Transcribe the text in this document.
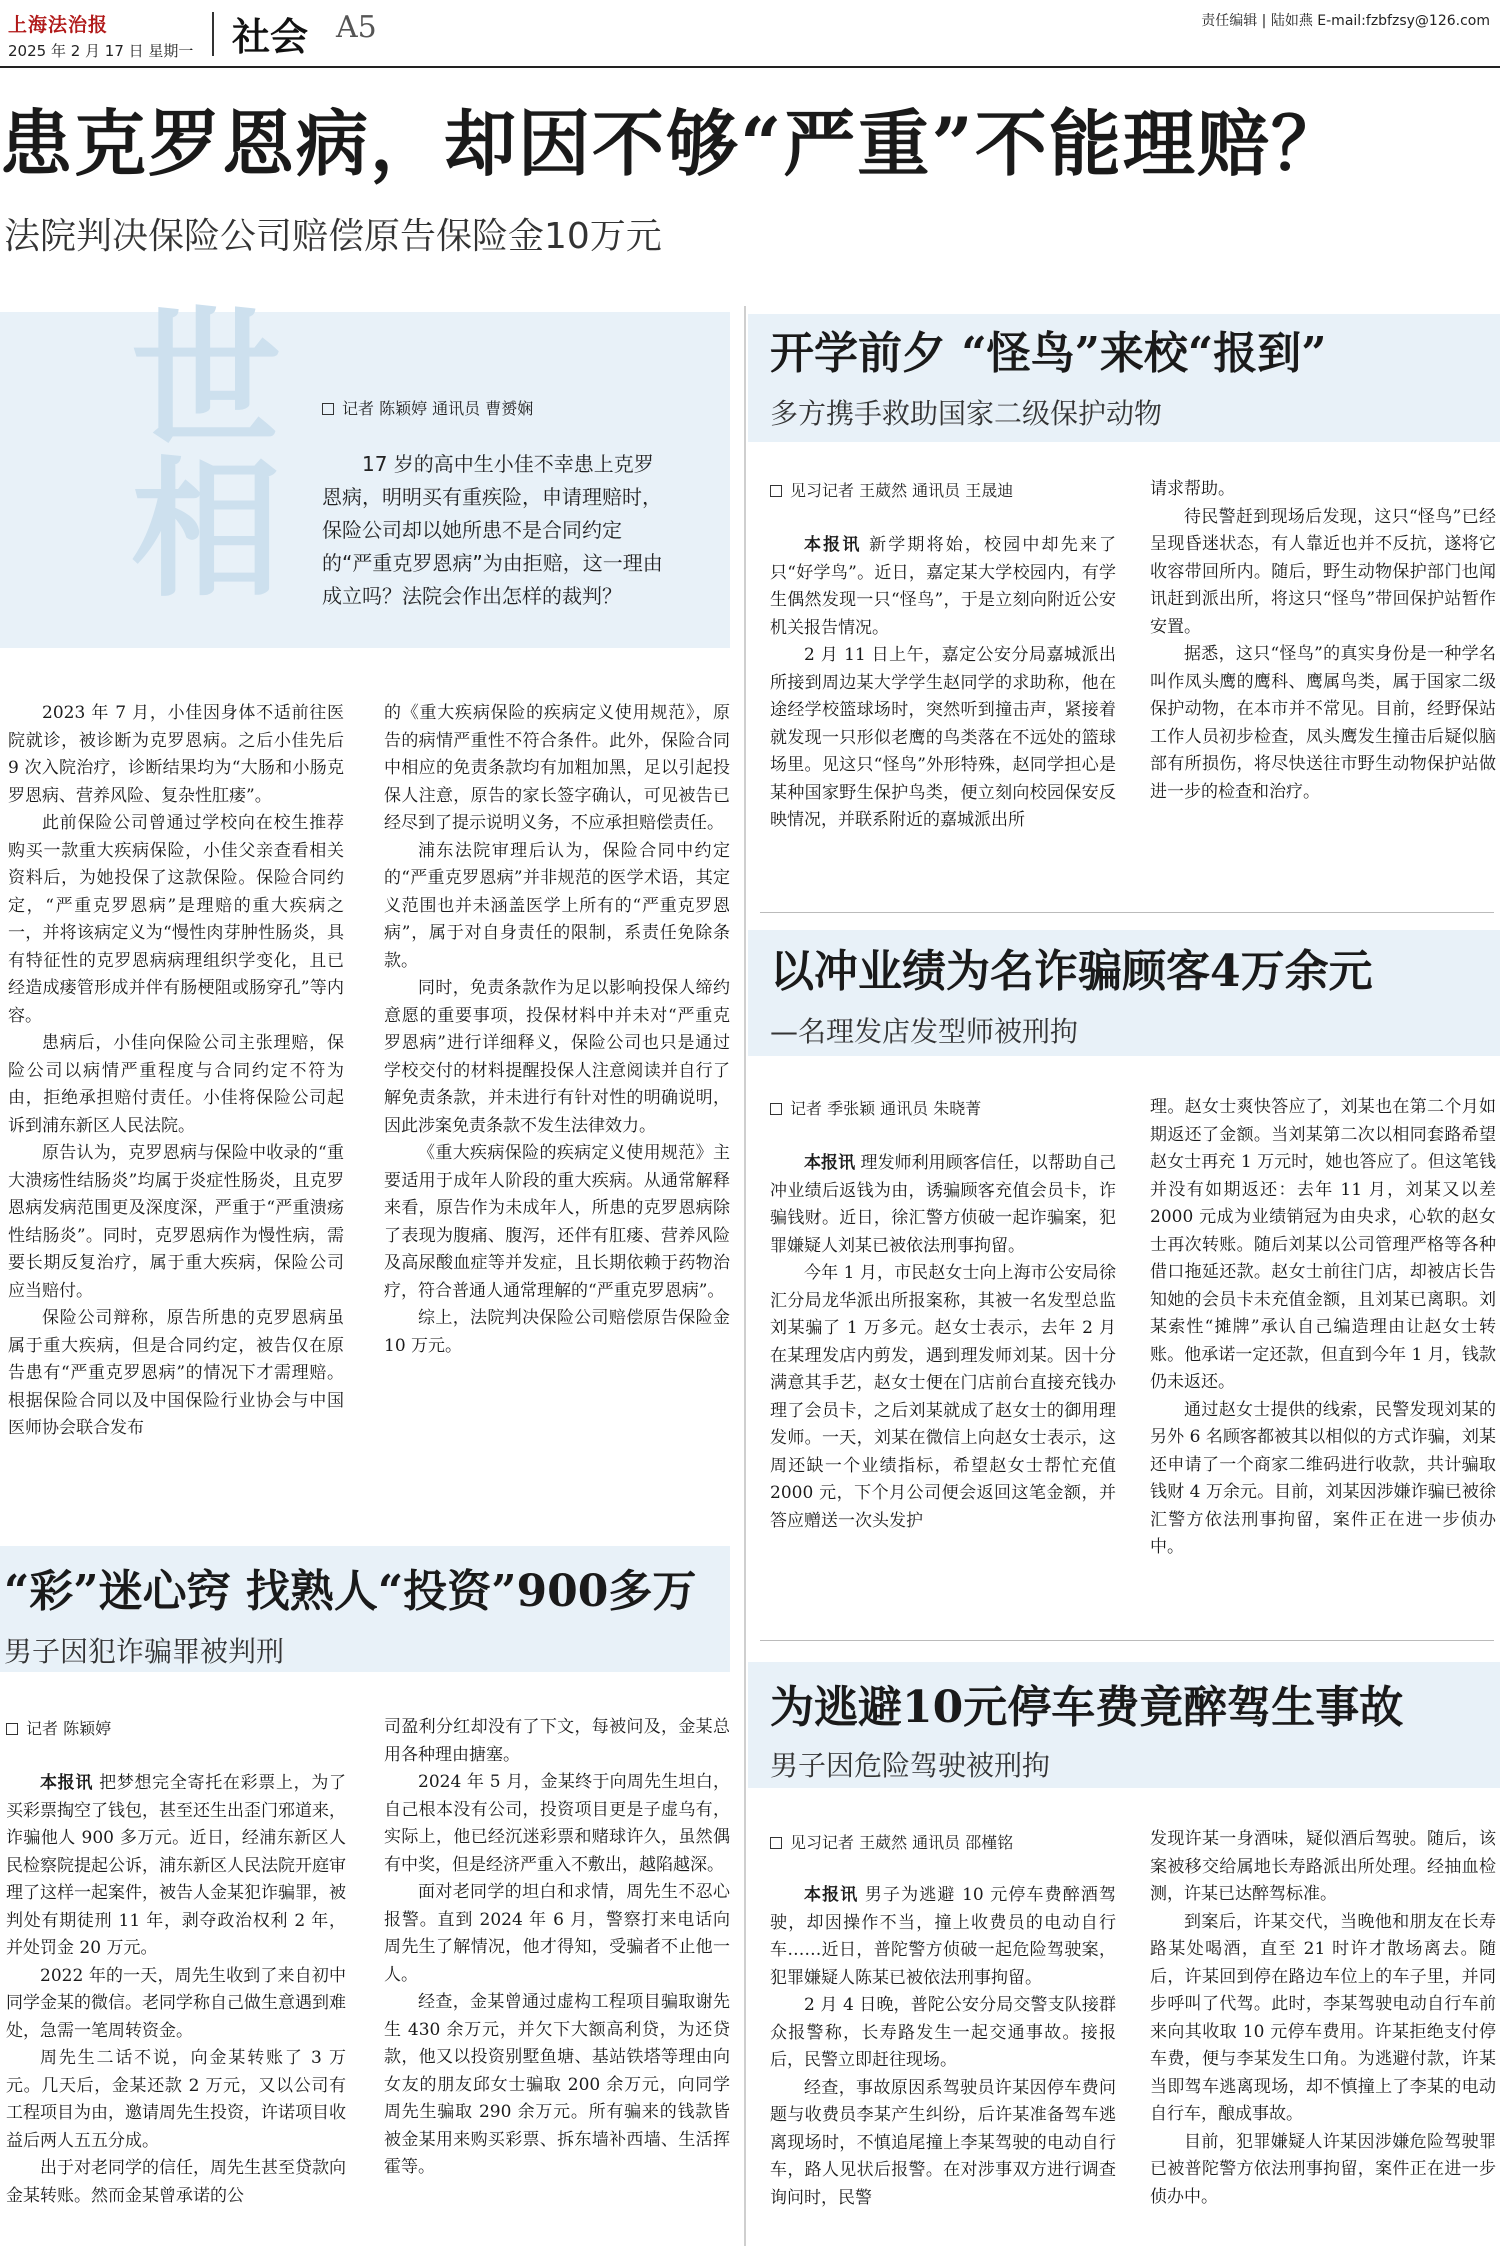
上海法治报
2025 年 2 月 17 日 星期一 社会 A5	责任编辑 | 陆如燕 E-mail:fzbfzsy@126.com
患克罗恩病，却因不够“严重”不能理赔？
法院判决保险公司赔偿原告保险金10万元
世相	记者 陈颖婷 通讯员 曹赟娴
17 岁的高中生小佳不幸患上克罗恩病，明明买有重疾险，申请理赔时，保险公司却以她所患不是合同约定的“严重克罗恩病”为由拒赔，这一理由成立吗？法院会作出怎样的裁判？

2023 年 7 月，小佳因身体不适前往医院就诊，被诊断为克罗恩病。之后小佳先后 9 次入院治疗，诊断结果均为“大肠和小肠克罗恩病、营养风险、复杂性肛瘘”。

此前保险公司曾通过学校向在校生推荐购买一款重大疾病保险，小佳父亲查看相关资料后，为她投保了这款保险。保险合同约定，“严重克罗恩病”是理赔的重大疾病之一，并将该病定义为“慢性肉芽肿性肠炎，具有特征性的克罗恩病病理组织学变化，且已经造成瘘管形成并伴有肠梗阻或肠穿孔”等内容。

患病后，小佳向保险公司主张理赔，保险公司以病情严重程度与合同约定不符为由，拒绝承担赔付责任。小佳将保险公司起诉到浦东新区人民法院。

原告认为，克罗恩病与保险中收录的“重大溃疡性结肠炎”均属于炎症性肠炎，且克罗恩病发病范围更及深度深，严重于“严重溃疡性结肠炎”。同时，克罗恩病作为慢性病，需要长期反复治疗，属于重大疾病，保险公司应当赔付。

保险公司辩称，原告所患的克罗恩病虽属于重大疾病，但是合同约定，被告仅在原告患有“严重克罗恩病”的情况下才需理赔。根据保险合同以及中国保险行业协会与中国医师协会联合发布

的《重大疾病保险的疾病定义使用规范》，原告的病情严重性不符合条件。此外，保险合同中相应的免责条款均有加粗加黑，足以引起投保人注意，原告的家长签字确认，可见被告已经尽到了提示说明义务，不应承担赔偿责任。

浦东法院审理后认为，保险合同中约定的“严重克罗恩病”并非规范的医学术语，其定义范围也并未涵盖医学上所有的“严重克罗恩病”，属于对自身责任的限制，系责任免除条款。

同时，免责条款作为足以影响投保人缔约意愿的重要事项，投保材料中并未对“严重克罗恩病”进行详细释义，保险公司也只是通过学校交付的材料提醒投保人注意阅读并自行了解免责条款，并未进行有针对性的明确说明，因此涉案免责条款不发生法律效力。

《重大疾病保险的疾病定义使用规范》主要适用于成年人阶段的重大疾病。从通常解释来看，原告作为未成年人，所患的克罗恩病除了表现为腹痛、腹泻，还伴有肛瘘、营养风险及高尿酸血症等并发症，且长期依赖于药物治疗，符合普通人通常理解的“严重克罗恩病”。

综上，法院判决保险公司赔偿原告保险金 10 万元。

开学前夕 “怪鸟”来校“报到”
多方携手救助国家二级保护动物
见习记者 王葳然 通讯员 王晟迪

本报讯 新学期将始，校园中却先来了只“好学鸟”。近日，嘉定某大学校园内，有学生偶然发现一只“怪鸟”，于是立刻向附近公安机关报告情况。

2 月 11 日上午，嘉定公安分局嘉城派出所接到周边某大学学生赵同学的求助称，他在途经学校篮球场时，突然听到撞击声，紧接着就发现一只形似老鹰的鸟类落在不远处的篮球场里。见这只“怪鸟”外形特殊，赵同学担心是某种国家野生保护鸟类，便立刻向校园保安反映情况，并联系附近的嘉城派出所

请求帮助。

待民警赶到现场后发现，这只“怪鸟”已经呈现昏迷状态，有人靠近也并不反抗，遂将它收容带回所内。随后，野生动物保护部门也闻讯赶到派出所，将这只“怪鸟”带回保护站暂作安置。

据悉，这只“怪鸟”的真实身份是一种学名叫作凤头鹰的鹰科、鹰属鸟类，属于国家二级保护动物，在本市并不常见。目前，经野保站工作人员初步检查，凤头鹰发生撞击后疑似脑部有所损伤，将尽快送往市野生动物保护站做进一步的检查和治疗。

以冲业绩为名诈骗顾客4万余元
—名理发店发型师被刑拘
记者 季张颖 通讯员 朱晓菁

本报讯 理发师利用顾客信任，以帮助自己冲业绩后返钱为由，诱骗顾客充值会员卡，诈骗钱财。近日，徐汇警方侦破一起诈骗案，犯罪嫌疑人刘某已被依法刑事拘留。

今年 1 月，市民赵女士向上海市公安局徐汇分局龙华派出所报案称，其被一名发型总监刘某骗了 1 万多元。赵女士表示，去年 2 月在某理发店内剪发，遇到理发师刘某。因十分满意其手艺，赵女士便在门店前台直接充钱办理了会员卡，之后刘某就成了赵女士的御用理发师。一天，刘某在微信上向赵女士表示，这周还缺一个业绩指标，希望赵女士帮忙充值 2000 元，下个月公司便会返回这笔金额，并答应赠送一次头发护

理。赵女士爽快答应了，刘某也在第二个月如期返还了金额。当刘某第二次以相同套路希望赵女士再充 1 万元时，她也答应了。但这笔钱并没有如期返还：去年 11 月，刘某又以差 2000 元成为业绩销冠为由央求，心软的赵女士再次转账。随后刘某以公司管理严格等各种借口拖延还款。赵女士前往门店，却被店长告知她的会员卡未充值金额，且刘某已离职。刘某索性“摊牌”承认自己编造理由让赵女士转账。他承诺一定还款，但直到今年 1 月，钱款仍未返还。

通过赵女士提供的线索，民警发现刘某的另外 6 名顾客都被其以相似的方式诈骗，刘某还申请了一个商家二维码进行收款，共计骗取钱财 4 万余元。目前，刘某因涉嫌诈骗已被徐汇警方依法刑事拘留，案件正在进一步侦办中。

“彩”迷心窍 找熟人“投资”900多万
男子因犯诈骗罪被判刑
记者 陈颖婷

本报讯 把梦想完全寄托在彩票上，为了买彩票掏空了钱包，甚至还生出歪门邪道来，诈骗他人 900 多万元。近日，经浦东新区人民检察院提起公诉，浦东新区人民法院开庭审理了这样一起案件，被告人金某犯诈骗罪，被判处有期徒刑 11 年，剥夺政治权利 2 年，并处罚金 20 万元。

2022 年的一天，周先生收到了来自初中同学金某的微信。老同学称自己做生意遇到难处，急需一笔周转资金。

周先生二话不说，向金某转账了 3 万元。几天后，金某还款 2 万元，又以公司有工程项目为由，邀请周先生投资，许诺项目收益后两人五五分成。

出于对老同学的信任，周先生甚至贷款向金某转账。然而金某曾承诺的公

司盈利分红却没有了下文，每被问及，金某总用各种理由搪塞。

2024 年 5 月，金某终于向周先生坦白，自己根本没有公司，投资项目更是子虚乌有，实际上，他已经沉迷彩票和赌球许久，虽然偶有中奖，但是经济严重入不敷出，越陷越深。

面对老同学的坦白和求情，周先生不忍心报警。直到 2024 年 6 月，警察打来电话向周先生了解情况，他才得知，受骗者不止他一人。

经查，金某曾通过虚构工程项目骗取谢先生 430 余万元，并欠下大额高利贷，为还贷款，他又以投资别墅鱼塘、基站铁塔等理由向女友的朋友邱女士骗取 200 余万元，向同学周先生骗取 290 余万元。所有骗来的钱款皆被金某用来购买彩票、拆东墙补西墙、生活挥霍等。

为逃避10元停车费竟醉驾生事故
男子因危险驾驶被刑拘
见习记者 王葳然 通讯员 邵槿铭

本报讯 男子为逃避 10 元停车费醉酒驾驶，却因操作不当，撞上收费员的电动自行车……近日，普陀警方侦破一起危险驾驶案，犯罪嫌疑人陈某已被依法刑事拘留。

2 月 4 日晚，普陀公安分局交警支队接群众报警称，长寿路发生一起交通事故。接报后，民警立即赶往现场。

经查，事故原因系驾驶员许某因停车费问题与收费员李某产生纠纷，后许某准备驾车逃离现场时，不慎追尾撞上李某驾驶的电动自行车，路人见状后报警。在对涉事双方进行调查询问时，民警

发现许某一身酒味，疑似酒后驾驶。随后，该案被移交给属地长寿路派出所处理。经抽血检测，许某已达醉驾标准。

到案后，许某交代，当晚他和朋友在长寿路某处喝酒，直至 21 时许才散场离去。随后，许某回到停在路边车位上的车子里，并同步呼叫了代驾。此时，李某驾驶电动自行车前来向其收取 10 元停车费用。许某拒绝支付停车费，便与李某发生口角。为逃避付款，许某当即驾车逃离现场，却不慎撞上了李某的电动自行车，酿成事故。

目前，犯罪嫌疑人许某因涉嫌危险驾驶罪已被普陀警方依法刑事拘留，案件正在进一步侦办中。
